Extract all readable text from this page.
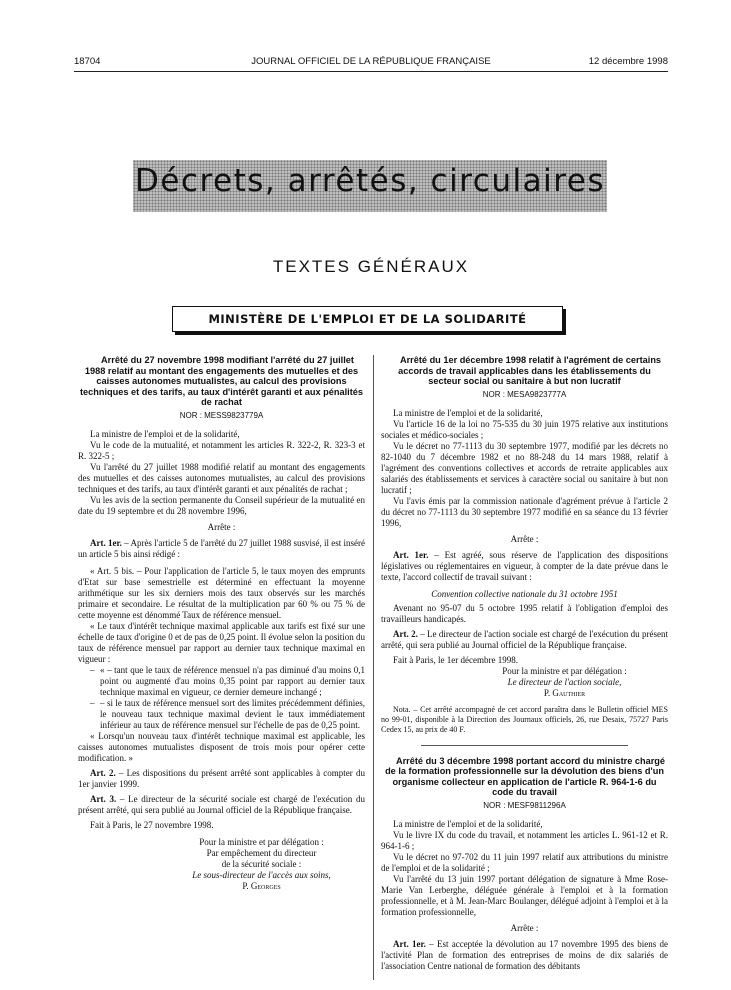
18704	JOURNAL OFFICIEL DE LA RÉPUBLIQUE FRANÇAISE	12 décembre 1998
Décrets, arrêtés, circulaires
TEXTES GÉNÉRAUX
MINISTÈRE DE L'EMPLOI ET DE LA SOLIDARITÉ

Arrêté du 27 novembre 1998 modifiant l'arrêté du 27 juillet 1988 relatif au montant des engagements des mutuelles et des caisses autonomes mutualistes, au calcul des provisions techniques et des tarifs, au taux d'intérêt garanti et aux pénalités de rachat

NOR : MESS9823779A

La ministre de l'emploi et de la solidarité,

Vu le code de la mutualité, et notamment les articles R. 322-2, R. 323-3 et R. 322-5 ;

Vu l'arrêté du 27 juillet 1988 modifié relatif au montant des engagements des mutuelles et des caisses autonomes mutualistes, au calcul des provisions techniques et des tarifs, au taux d'intérêt garanti et aux pénalités de rachat ;

Vu les avis de la section permanente du Conseil supérieur de la mutualité en date du 19 septembre et du 28 novembre 1996,

Arrête :

Art. 1er. – Après l'article 5 de l'arrêté du 27 juillet 1988 susvisé, il est inséré un article 5 bis ainsi rédigé :

« Art. 5 bis. – Pour l'application de l'article 5, le taux moyen des emprunts d'Etat sur base semestrielle est déterminé en effectuant la moyenne arithmétique sur les six derniers mois des taux observés sur les marchés primaire et secondaire. Le résultat de la multiplication par 60 % ou 75 % de cette moyenne est dénommé Taux de référence mensuel.

« Le taux d'intérêt technique maximal applicable aux tarifs est fixé sur une échelle de taux d'origine 0 et de pas de 0,25 point. Il évolue selon la position du taux de référence mensuel par rapport au dernier taux technique maximal en vigueur :

– « – tant que le taux de référence mensuel n'a pas diminué d'au moins 0,1 point ou augmenté d'au moins 0,35 point par rapport au dernier taux technique maximal en vigueur, ce dernier demeure inchangé ;
– – si le taux de référence mensuel sort des limites précédemment définies, le nouveau taux technique maximal devient le taux immédiatement inférieur au taux de référence mensuel sur l'échelle de pas de 0,25 point.

« Lorsqu'un nouveau taux d'intérêt technique maximal est applicable, les caisses autonomes mutualistes disposent de trois mois pour opérer cette modification. »

Art. 2. – Les dispositions du présent arrêté sont applicables à compter du 1er janvier 1999.

Art. 3. – Le directeur de la sécurité sociale est chargé de l'exécution du présent arrêté, qui sera publié au Journal officiel de la République française.

Fait à Paris, le 27 novembre 1998.

Pour la ministre et par délégation :

Par empêchement du directeur

de la sécurité sociale :

Le sous-directeur de l'accès aux soins,

P. Georges

Arrêté du 1er décembre 1998 relatif à l'agrément de certains accords de travail applicables dans les établissements du secteur social ou sanitaire à but non lucratif

NOR : MESA9823777A

La ministre de l'emploi et de la solidarité,

Vu l'article 16 de la loi no 75-535 du 30 juin 1975 relative aux institutions sociales et médico-sociales ;

Vu le décret no 77-1113 du 30 septembre 1977, modifié par les décrets no 82-1040 du 7 décembre 1982 et no 88-248 du 14 mars 1988, relatif à l'agrément des conventions collectives et accords de retraite applicables aux salariés des établissements et services à caractère social ou sanitaire à but non lucratif ;

Vu l'avis émis par la commission nationale d'agrément prévue à l'article 2 du décret no 77-1113 du 30 septembre 1977 modifié en sa séance du 13 février 1996,

Arrête :

Art. 1er. – Est agréé, sous réserve de l'application des dispositions législatives ou réglementaires en vigueur, à compter de la date prévue dans le texte, l'accord collectif de travail suivant :

Convention collective nationale du 31 octobre 1951

Avenant no 95-07 du 5 octobre 1995 relatif à l'obligation d'emploi des travailleurs handicapés.

Art. 2. – Le directeur de l'action sociale est chargé de l'exécution du présent arrêté, qui sera publié au Journal officiel de la République française.

Fait à Paris, le 1er décembre 1998.

Pour la ministre et par délégation :

Le directeur de l'action sociale,

P. Gauthier

Nota. – Cet arrêté accompagné de cet accord paraîtra dans le Bulletin officiel MES no 99-01, disponible à la Direction des Journaux officiels, 26, rue Desaix, 75727 Paris Cedex 15, au prix de 40 F.

Arrêté du 3 décembre 1998 portant accord du ministre chargé de la formation professionnelle sur la dévolution des biens d'un organisme collecteur en application de l'article R. 964-1-6 du code du travail

NOR : MESF9811296A

La ministre de l'emploi et de la solidarité,

Vu le livre IX du code du travail, et notamment les articles L. 961-12 et R. 964-1-6 ;

Vu le décret no 97-702 du 11 juin 1997 relatif aux attributions du ministre de l'emploi et de la solidarité ;

Vu l'arrêté du 13 juin 1997 portant délégation de signature à Mme Rose-Marie Van Lerberghe, déléguée générale à l'emploi et à la formation professionnelle, et à M. Jean-Marc Boulanger, délégué adjoint à l'emploi et à la formation professionnelle,

Arrête :

Art. 1er. – Est acceptée la dévolution au 17 novembre 1995 des biens de l'activité Plan de formation des entreprises de moins de dix salariés de l'association Centre national de formation des débitants
